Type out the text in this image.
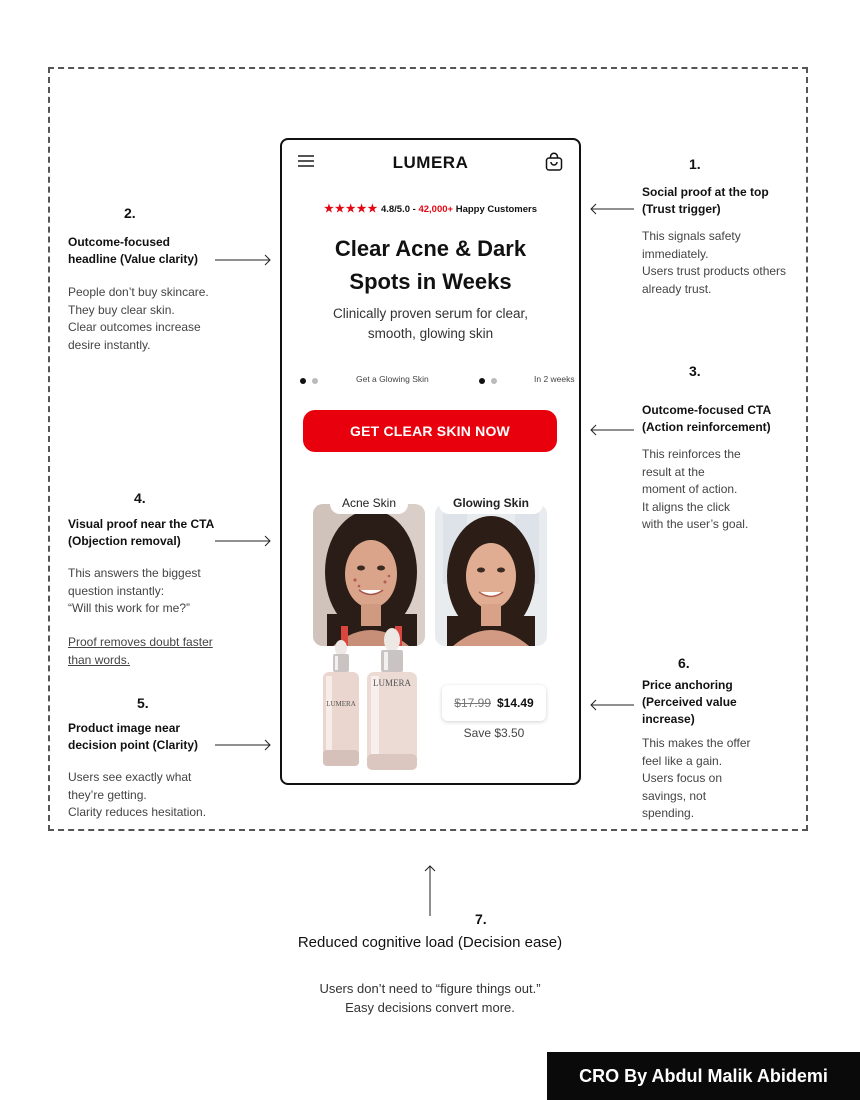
1.
Social proof at the top
(Trust trigger)
This signals safety
immediately.
Users trust products others
already trust.
2.
Outcome-focused
headline (Value clarity)
People don’t buy skincare.
They buy clear skin.
Clear outcomes increase
desire instantly.
3.
Outcome-focused CTA
(Action reinforcement)
This reinforces the
result at the
moment of action.
It aligns the click
with the user’s goal.
4.
Visual proof near the CTA
(Objection removal)
This answers the biggest
question instantly:
“Will this work for me?”
Proof removes doubt faster
than words.
5.
Product image near
decision point (Clarity)
Users see exactly what
they’re getting.
Clarity reduces hesitation.
6.
Price anchoring
(Perceived value
increase)
This makes the offer
feel like a gain.
Users focus on
savings, not
spending.
7.
Reduced cognitive load (Decision ease)
Users don’t need to “figure things out.”
Easy decisions convert more.
LUMERA
★★★★★ 4.8/5.0 - 42,000+ Happy Customers
Clear Acne & Dark
Spots in Weeks
Clinically proven serum for clear,
smooth, glowing skin
Get a Glowing Skin	In 2 weeks
GET CLEAR SKIN NOW
Acne Skin	Glowing Skin
LUMERA
LUMERA	$17.99 $14.49
Save $3.50
CRO By Abdul Malik Abidemi
